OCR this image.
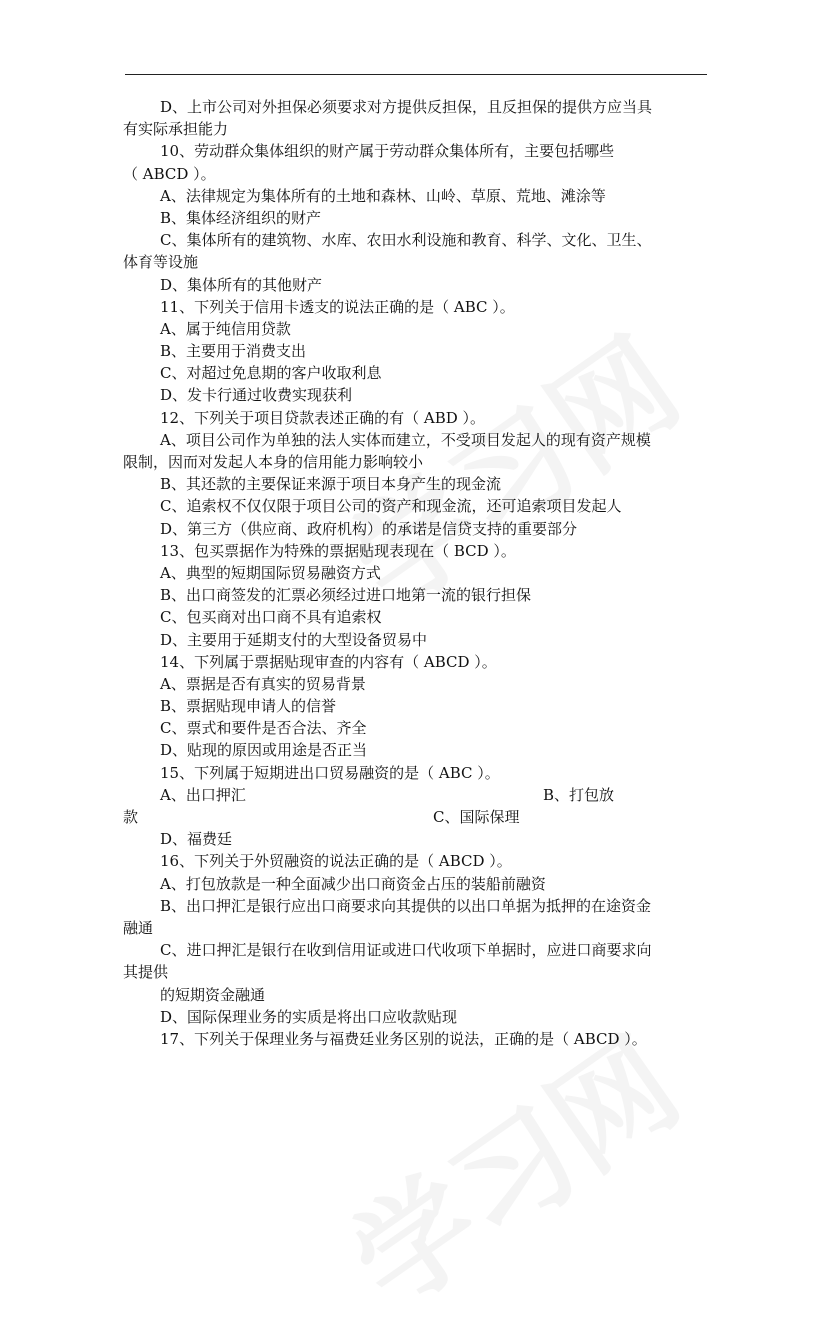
D、上市公司对外担保必须要求对方提供反担保，且反担保的提供方应当具
有实际承担能力
10、劳动群众集体组织的财产属于劳动群众集体所有，主要包括哪些
（ ABCD ）。
A、法律规定为集体所有的土地和森林、山岭、草原、荒地、滩涂等
B、集体经济组织的财产
C、集体所有的建筑物、水库、农田水利设施和教育、科学、文化、卫生、
体育等设施
D、集体所有的其他财产
11、下列关于信用卡透支的说法正确的是（ ABC ）。
A、属于纯信用贷款
B、主要用于消费支出
C、对超过免息期的客户收取利息
D、发卡行通过收费实现获利
12、下列关于项目贷款表述正确的有（ ABD ）。
A、项目公司作为单独的法人实体而建立，不受项目发起人的现有资产规模
限制，因而对发起人本身的信用能力影响较小
B、其还款的主要保证来源于项目本身产生的现金流
C、追索权不仅仅限于项目公司的资产和现金流，还可追索项目发起人
D、第三方（供应商、政府机构）的承诺是信贷支持的重要部分
13、包买票据作为特殊的票据贴现表现在（ BCD ）。
A、典型的短期国际贸易融资方式
B、出口商签发的汇票必须经过进口地第一流的银行担保
C、包买商对出口商不具有追索权
D、主要用于延期支付的大型设备贸易中
14、下列属于票据贴现审查的内容有（ ABCD ）。
A、票据是否有真实的贸易背景
B、票据贴现申请人的信誉
C、票式和要件是否合法、齐全
D、贴现的原因或用途是否正当
15、下列属于短期进出口贸易融资的是（ ABC ）。
A、出口押汇	B、打包放
款	C、国际保理
D、福费廷
16、下列关于外贸融资的说法正确的是（ ABCD ）。
A、打包放款是一种全面减少出口商资金占压的装船前融资
B、出口押汇是银行应出口商要求向其提供的以出口单据为抵押的在途资金
融通
C、进口押汇是银行在收到信用证或进口代收项下单据时，应进口商要求向
其提供
的短期资金融通
D、国际保理业务的实质是将出口应收款贴现
17、下列关于保理业务与福费廷业务区别的说法，正确的是（ ABCD ）。
